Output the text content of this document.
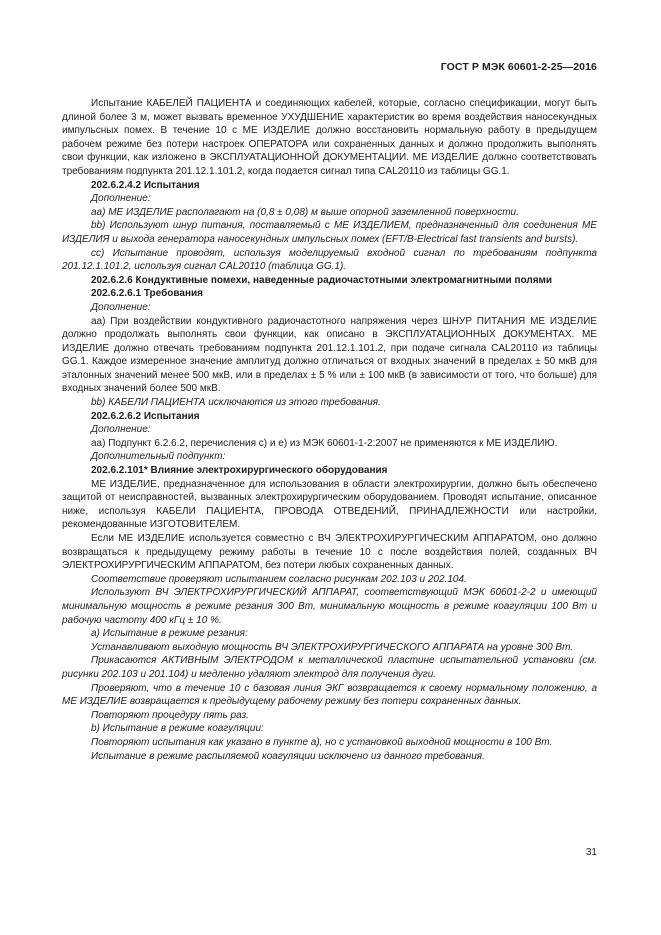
ГОСТ Р МЭК 60601-2-25—2016

Испытание КАБЕЛЕЙ ПАЦИЕНТА и соединяющих кабелей, которые, согласно спецификации, могут быть длиной более 3 м, может вызвать временное УХУДШЕНИЕ характеристик во время воздействия наносекундных импульсных помех. В течение 10 с МЕ ИЗДЕЛИЕ должно восстановить нормальную работу в предыдущем рабочем режиме без потери настроек ОПЕРАТОРА или сохраненных данных и должно продолжить выполнять свои функции, как изложено в ЭКСПЛУАТАЦИОННОЙ ДОКУМЕНТАЦИИ. МЕ ИЗДЕЛИЕ должно соответствовать требованиям подпункта 201.12.1.101.2, когда подается сигнал типа CAL20110 из таблицы GG.1.

202.6.2.4.2 Испытания

Дополнение:

аа) МЕ ИЗДЕЛИЕ располагают на (0,8 ± 0,08) м выше опорной заземленной поверхности.

bb) Используют шнур питания, поставляемый с МЕ ИЗДЕЛИЕМ, предназначенный для соединения МЕ ИЗДЕЛИЯ и выхода генератора наносекундных импульсных помех (EFT/B-Electrical fast transients and bursts).

cc) Испытание проводят, используя моделируемый входной сигнал по требованиям подпункта 201.12.1.101.2, используя сигнал CAL20110 (таблица GG.1).

202.6.2.6 Кондуктивные помехи, наведенные радиочастотными электромагнитными полями

202.6.2.6.1 Требования

Дополнение:

аа) При воздействии кондуктивного радиочастотного напряжения через ШНУР ПИТАНИЯ МЕ ИЗДЕЛИЕ должно продолжать выполнять свои функции, как описано в ЭКСПЛУАТАЦИОННЫХ ДОКУМЕНТАХ. МЕ ИЗДЕЛИЕ должно отвечать требованиям подпункта 201.12.1.101.2, при подаче сигнала CAL20110 из таблицы GG.1. Каждое измеренное значение амплитуд должно отличаться от входных значений в пределах ± 50 мкВ для эталонных значений менее 500 мкВ, или в пределах ± 5 % или ± 100 мкВ (в зависимости от того, что больше) для входных значений более 500 мкВ.

bb) КАБЕЛИ ПАЦИЕНТА исключаются из этого требования.

202.6.2.6.2 Испытания

Дополнение:

аа) Подпункт 6.2.6.2, перечисления с) и е) из МЭК 60601-1-2:2007 не применяются к МЕ ИЗДЕЛИЮ.

Дополнительный подпункт:

202.6.2.101* Влияние электрохирургического оборудования

МЕ ИЗДЕЛИЕ, предназначенное для использования в области электрохирургии, должно быть обеспечено защитой от неисправностей, вызванных электрохирургическим оборудованием. Проводят испытание, описанное ниже, используя КАБЕЛИ ПАЦИЕНТА, ПРОВОДА ОТВЕДЕНИЙ, ПРИНАДЛЕЖНОСТИ или настройки, рекомендованные ИЗГОТОВИТЕЛЕМ.

Если МЕ ИЗДЕЛИЕ используется совместно с ВЧ ЭЛЕКТРОХИРУРГИЧЕСКИМ АППАРАТОМ, оно должно возвращаться к предыдущему режиму работы в течение 10 с после воздействия полей, созданных ВЧ ЭЛЕКТРОХИРУРГИЧЕСКИМ АППАРАТОМ, без потери любых сохраненных данных.

Соответствие проверяют испытанием согласно рисункам 202.103 и 202.104.

Используют ВЧ ЭЛЕКТРОХИРУРГИЧЕСКИЙ АППАРАТ, соответствующий МЭК 60601-2-2 и имеющий минимальную мощность в режиме резания 300 Вт, минимальную мощность в режиме коагуляции 100 Вт и рабочую частоту 400 кГц ± 10 %.

а) Испытание в режиме резания:

Устанавливают выходную мощность ВЧ ЭЛЕКТРОХИРУРГИЧЕСКОГО АППАРАТА на уровне 300 Вт.

Прикасаются АКТИВНЫМ ЭЛЕКТРОДОМ к металлической пластине испытательной установки (см. рисунки 202.103 и 201.104) и медленно удаляют электрод для получения дуги.

Проверяют, что в течение 10 с базовая линия ЭКГ возвращается к своему нормальному положению, а МЕ ИЗДЕЛИЕ возвращается к предыдущему рабочему режиму без потери сохраненных данных.

Повторяют процедуру пять раз.

b) Испытание в режиме коагуляции:

Повторяют испытания как указано в пункте а), но с установкой выходной мощности в 100 Вт.

Испытание в режиме распыляемой коагуляции исключено из данного требования.

31
